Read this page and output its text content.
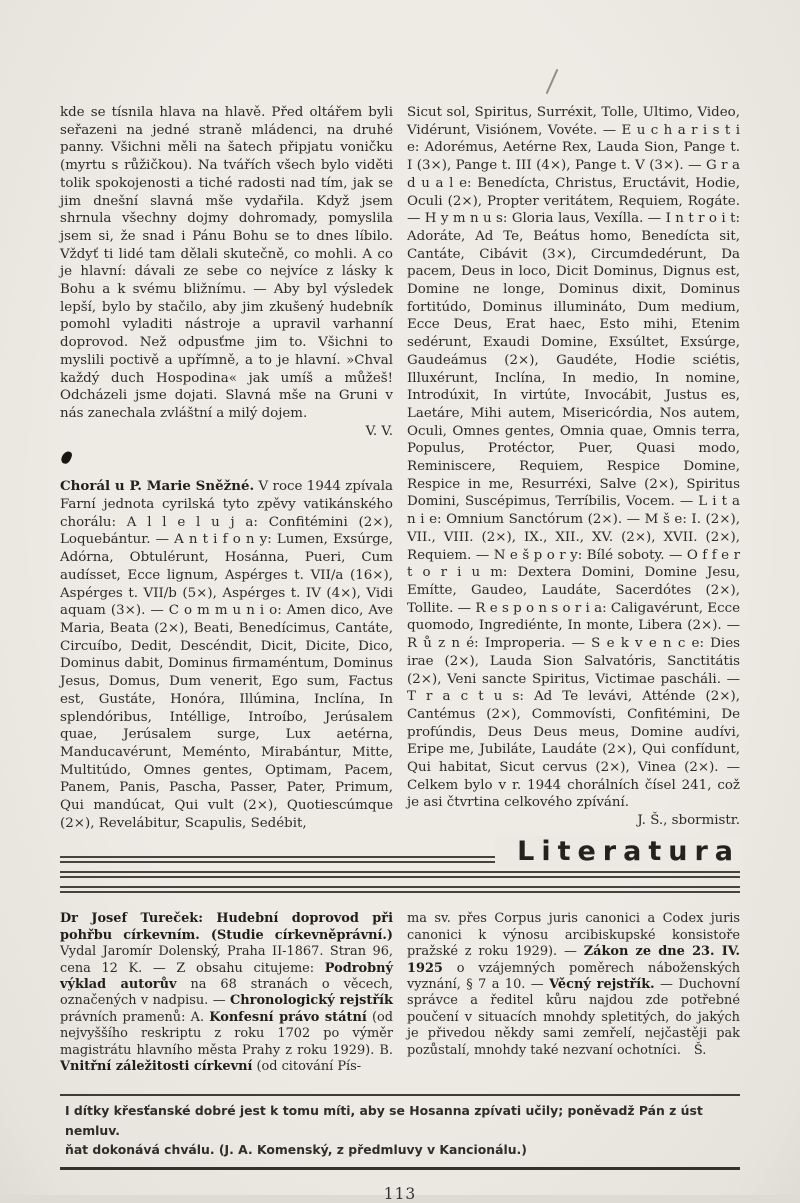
kde se tísnila hlava na hlavě. Před oltářem byli seřazeni na jedné straně mládenci, na druhé panny. Všichni měli na šatech připjatu voničku (myrtu s růžičkou). Na tvářích všech bylo viděti tolik spokojenosti a tiché radosti nad tím, jak se jim dnešní slavná mše vydařila. Když jsem shrnula všechny dojmy dohromady, pomyslila jsem si, že snad i Pánu Bohu se to dnes líbilo. Vždyť ti lidé tam dělali skutečně, co mohli. A co je hlavní: dávali ze sebe co nejvíce z lásky k Bohu a k svému bližnímu. — Aby byl výsledek lepší, bylo by stačilo, aby jim zkušený hudebník pomohl vyladiti nástroje a upravil varhanní doprovod. Než odpusťme jim to. Všichni to myslili poctivě a upřímně, a to je hlavní. »Chval každý duch Hospodina« jak umíš a můžeš! Odcházeli jsme dojati. Slavná mše na Gruni v nás zanechala zvláštní a milý dojem.

V. V.

Chorál u P. Marie Sněžné. V roce 1944 zpívala Farní jednota cyrilská tyto zpěvy vatikánského chorálu: A l l e l u j a: Confitémini (2×), Loquebántur. — A n t i f o n y: Lumen, Exsúrge, Adórna, Obtulérunt, Hosánna, Pueri, Cum audísset, Ecce lignum, Aspérges t. VII/a (16×), Aspérges t. VII/b (5×), Aspérges t. IV (4×), Vidi aquam (3×). — C o m m u n i o: Amen dico, Ave Maria, Beata (2×), Beati, Benedícimus, Cantáte, Circuíbo, Dedit, Descéndit, Dicit, Dicite, Dico, Dominus dabit, Dominus firmaméntum, Dominus Jesus, Domus, Dum venerit, Ego sum, Factus est, Gustáte, Honóra, Illúmina, Inclína, In splendóribus, Intéllige, Introíbo, Jerúsalem quae, Jerúsalem surge, Lux aetérna, Manducavérunt, Meménto, Mirabántur, Mitte, Multitúdo, Omnes gentes, Optimam, Pacem, Panem, Panis, Pascha, Passer, Pater, Primum, Qui mandúcat, Qui vult (2×), Quotiescúmque (2×), Revelábitur, Scapulis, Sedébit,

Sicut sol, Spiritus, Surréxit, Tolle, Ultimo, Video, Vidérunt, Visiónem, Vovéte. — E u c h a r i s t i e: Adorémus, Aetérne Rex, Lauda Sion, Pange t. I (3×), Pange t. III (4×), Pange t. V (3×). — G r a d u a l e: Benedícta, Christus, Eructávit, Hodie, Oculi (2×), Propter veritátem, Requiem, Rogáte. — H y m n u s: Gloria laus, Vexílla. — I n t r o i t: Adoráte, Ad Te, Beátus homo, Benedícta sit, Cantáte, Cibávit (3×), Circumdedérunt, Da pacem, Deus in loco, Dicit Dominus, Dignus est, Domine ne longe, Dominus dixit, Dominus fortitúdo, Dominus illumináto, Dum medium, Ecce Deus, Erat haec, Esto mihi, Etenim sedérunt, Exaudi Domine, Exsúltet, Exsúrge, Gaudeámus (2×), Gaudéte, Hodie sciétis, Illuxérunt, Inclína, In medio, In nomine, Introdúxit, In virtúte, Invocábit, Justus es, Laetáre, Mihi autem, Misericórdia, Nos autem, Oculi, Omnes gentes, Omnia quae, Omnis terra, Populus, Protéctor, Puer, Quasi modo, Reminiscere, Requiem, Respice Domine, Respice in me, Resurréxi, Salve (2×), Spiritus Domini, Suscépimus, Terríbilis, Vocem. — L i t a n i e: Omnium Sanctórum (2×). — M š e: I. (2×), VII., VIII. (2×), IX., XII., XV. (2×), XVII. (2×), Requiem. — N e š p o r y: Bílé soboty. — O f f e r t o r i u m: Dextera Domini, Domine Jesu, Emítte, Gaudeo, Laudáte, Sacerdótes (2×), Tollite. — R e s p o n s o r i a: Caligavérunt, Ecce quomodo, Ingrediénte, In monte, Libera (2×). — R ů z n é: Improperia. — S e k v e n c e: Dies irae (2×), Lauda Sion Salvatóris, Sanctitátis (2×), Veni sancte Spiritus, Victimae pascháli. — T r a c t u s: Ad Te levávi, Atténde (2×), Cantémus (2×), Commovísti, Confitémini, De profúndis, Deus Deus meus, Domine audívi, Eripe me, Jubiláte, Laudáte (2×), Qui confídunt, Qui habitat, Sicut cervus (2×), Vinea (2×). — Celkem bylo v r. 1944 chorálních čísel 241, což je asi čtvrtina celkového zpívání.

J. Š., sbormistr.
Literatura

Dr Josef Tureček: Hudební doprovod při pohřbu církevním. (Studie církevněprávní.) Vydal Jaromír Dolenský, Praha II-1867. Stran 96, cena 12 K. — Z obsahu citujeme: Podrobný výklad autorův na 68 stranách o věcech, označených v nadpisu. — Chronologický rejstřík právních pramenů: A. Konfesní právo státní (od nejvyššího reskriptu z roku 1702 po výměr magistrátu hlavního města Prahy z roku 1929). B. Vnitřní záležitosti církevní (od citování Pís-

ma sv. přes Corpus juris canonici a Codex juris canonici k výnosu arcibiskupské konsistoře pražské z roku 1929). — Zákon ze dne 23. IV. 1925 o vzájemných poměrech náboženských vyznání, § 7 a 10. — Věcný rejstřík. — Duchovní správce a ředitel kůru najdou zde potřebné poučení v situacích mnohdy spletitých, do jakých je přivedou někdy sami zemřelí, nejčastěji pak pozůstalí, mnohdy také nezvaní ochotníci.  Š.

I dítky křesťanské dobré jest k tomu míti, aby se Hosanna zpívati učily; poněvadž Pán z úst nemluv.
ňat dokonává chválu. (J. A. Komenský, z předmluvy v Kancionálu.)
113
